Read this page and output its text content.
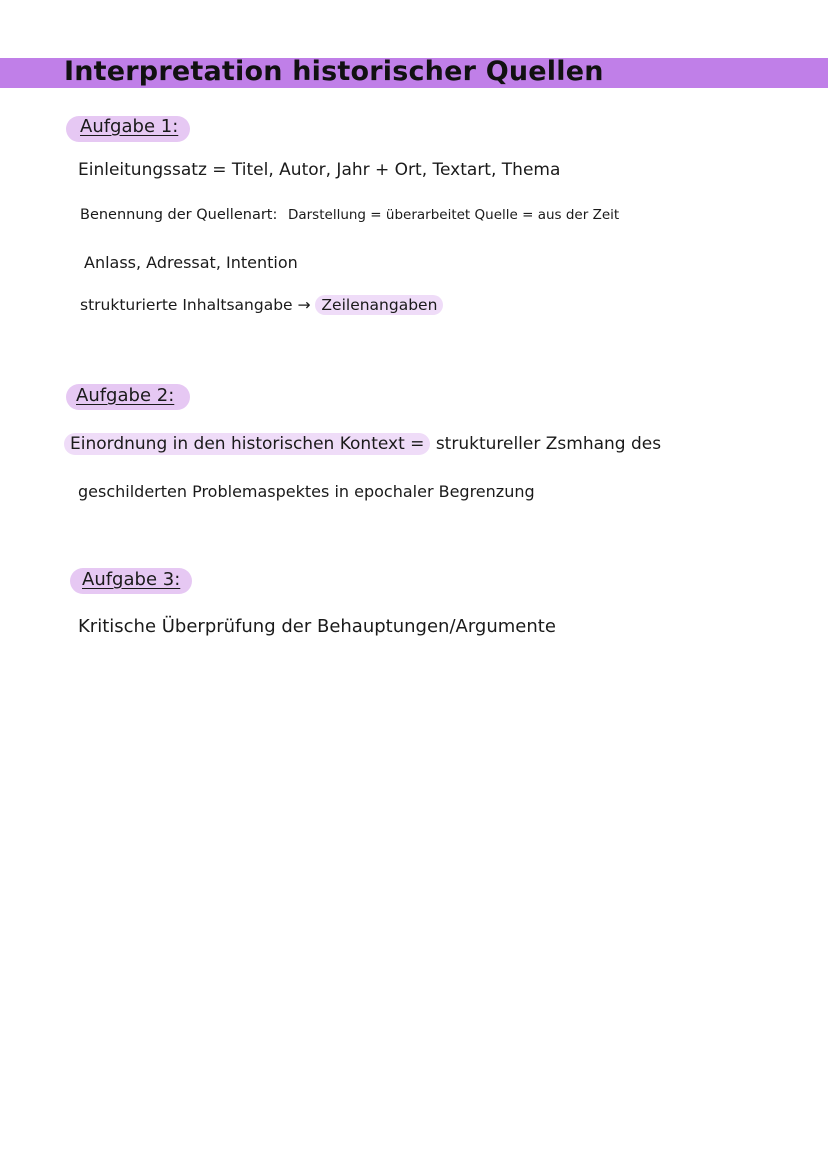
Interpretation historischer Quellen
Aufgabe 1:
Einleitungssatz = Titel, Autor, Jahr + Ort, Textart, Thema
Benennung der Quellenart: Darstellung = überarbeitet Quelle = aus der Zeit
Anlass, Adressat, Intention
strukturierte Inhaltsangabe → Zeilenangaben
Aufgabe 2:
Einordnung in den historischen Kontext = struktureller Zsmhang des
geschilderten Problemaspektes in epochaler Begrenzung
Aufgabe 3:
Kritische Überprüfung der Behauptungen/Argumente
